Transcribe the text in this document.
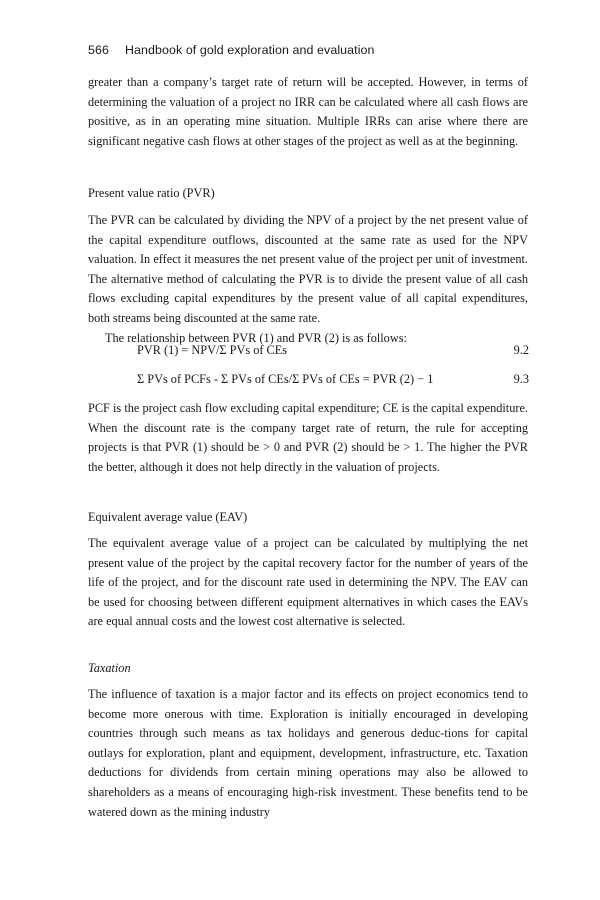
566 Handbook of gold exploration and evaluation

greater than a company’s target rate of return will be accepted. However, in terms of determining the valuation of a project no IRR can be calculated where all cash flows are positive, as in an operating mine situation. Multiple IRRs can arise where there are significant negative cash flows at other stages of the project as well as at the beginning.

Present value ratio (PVR)

The PVR can be calculated by dividing the NPV of a project by the net present value of the capital expenditure outflows, discounted at the same rate as used for the NPV valuation. In effect it measures the net present value of the project per unit of investment. The alternative method of calculating the PVR is to divide the present value of all cash flows excluding capital expenditures by the present value of all capital expenditures, both streams being discounted at the same rate.

The relationship between PVR (1) and PVR (2) is as follows:

PVR (1) = NPV/Σ PVs of CEs	9.2
Σ PVs of PCFs - Σ PVs of CEs/Σ PVs of CEs = PVR (2) − 1	9.3

PCF is the project cash flow excluding capital expenditure; CE is the capital expenditure. When the discount rate is the company target rate of return, the rule for accepting projects is that PVR (1) should be > 0 and PVR (2) should be > 1. The higher the PVR the better, although it does not help directly in the valuation of projects.

Equivalent average value (EAV)

The equivalent average value of a project can be calculated by multiplying the net present value of the project by the capital recovery factor for the number of years of the life of the project, and for the discount rate used in determining the NPV. The EAV can be used for choosing between different equipment alternatives in which cases the EAVs are equal annual costs and the lowest cost alternative is selected.

Taxation

The influence of taxation is a major factor and its effects on project economics tend to become more onerous with time. Exploration is initially encouraged in developing countries through such means as tax holidays and generous deduc-tions for capital outlays for exploration, plant and equipment, development, infrastructure, etc. Taxation deductions for dividends from certain mining operations may also be allowed to shareholders as a means of encouraging high-risk investment. These benefits tend to be watered down as the mining industry
